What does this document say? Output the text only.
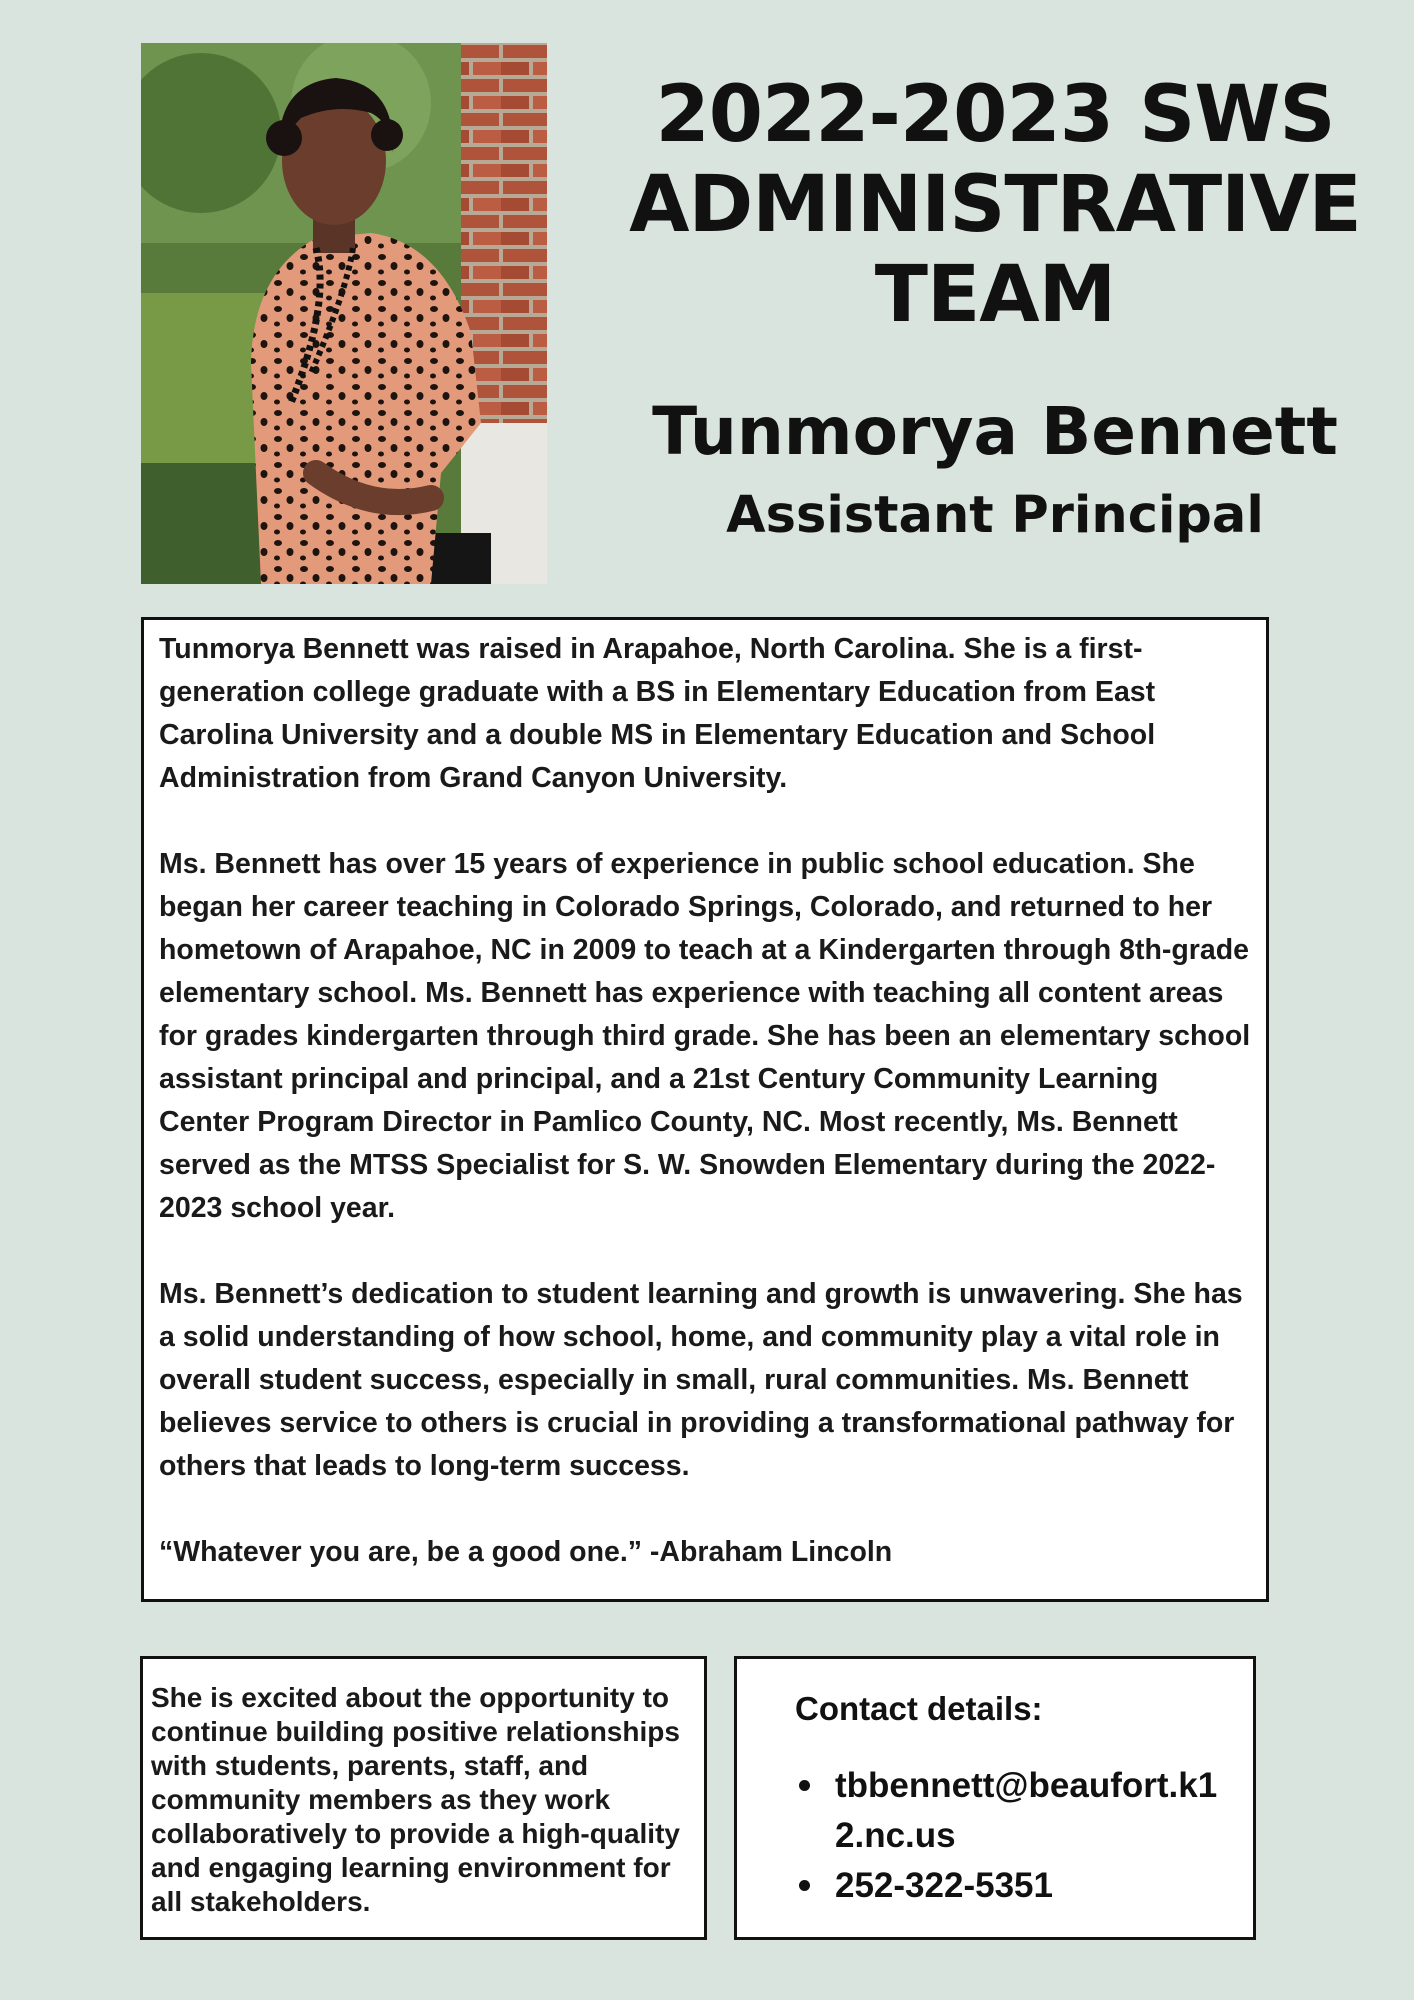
2022-2023 SWS
ADMINISTRATIVE
TEAM
Tunmorya Bennett
Assistant Principal

Tunmorya Bennett was raised in Arapahoe, North Carolina. She is a first-generation college graduate with a BS in Elementary Education from East Carolina University and a double MS in Elementary Education and School Administration from Grand Canyon University.

Ms. Bennett has over 15 years of experience in public school education. She began her career teaching in Colorado Springs, Colorado, and returned to her hometown of Arapahoe, NC in 2009 to teach at a Kindergarten through 8th-grade elementary school. Ms. Bennett has experience with teaching all content areas for grades kindergarten through third grade. She has been an elementary school assistant principal and principal, and a 21st Century Community Learning Center Program Director in Pamlico County, NC. Most recently, Ms. Bennett served as the MTSS Specialist for S. W. Snowden Elementary during the 2022-2023 school year.

Ms. Bennett’s dedication to student learning and growth is unwavering. She has a solid understanding of how school, home, and community play a vital role in overall student success, especially in small, rural communities. Ms. Bennett believes service to others is crucial in providing a transformational pathway for others that leads to long-term success.

“Whatever you are, be a good one.” -Abraham Lincoln

She is excited about the opportunity to continue building positive relationships with students, parents, staff, and community members as they work collaboratively to provide a high-quality and engaging learning environment for all stakeholders.

Contact details:
tbbennett@beaufort.k12.nc.us
252-322-5351
